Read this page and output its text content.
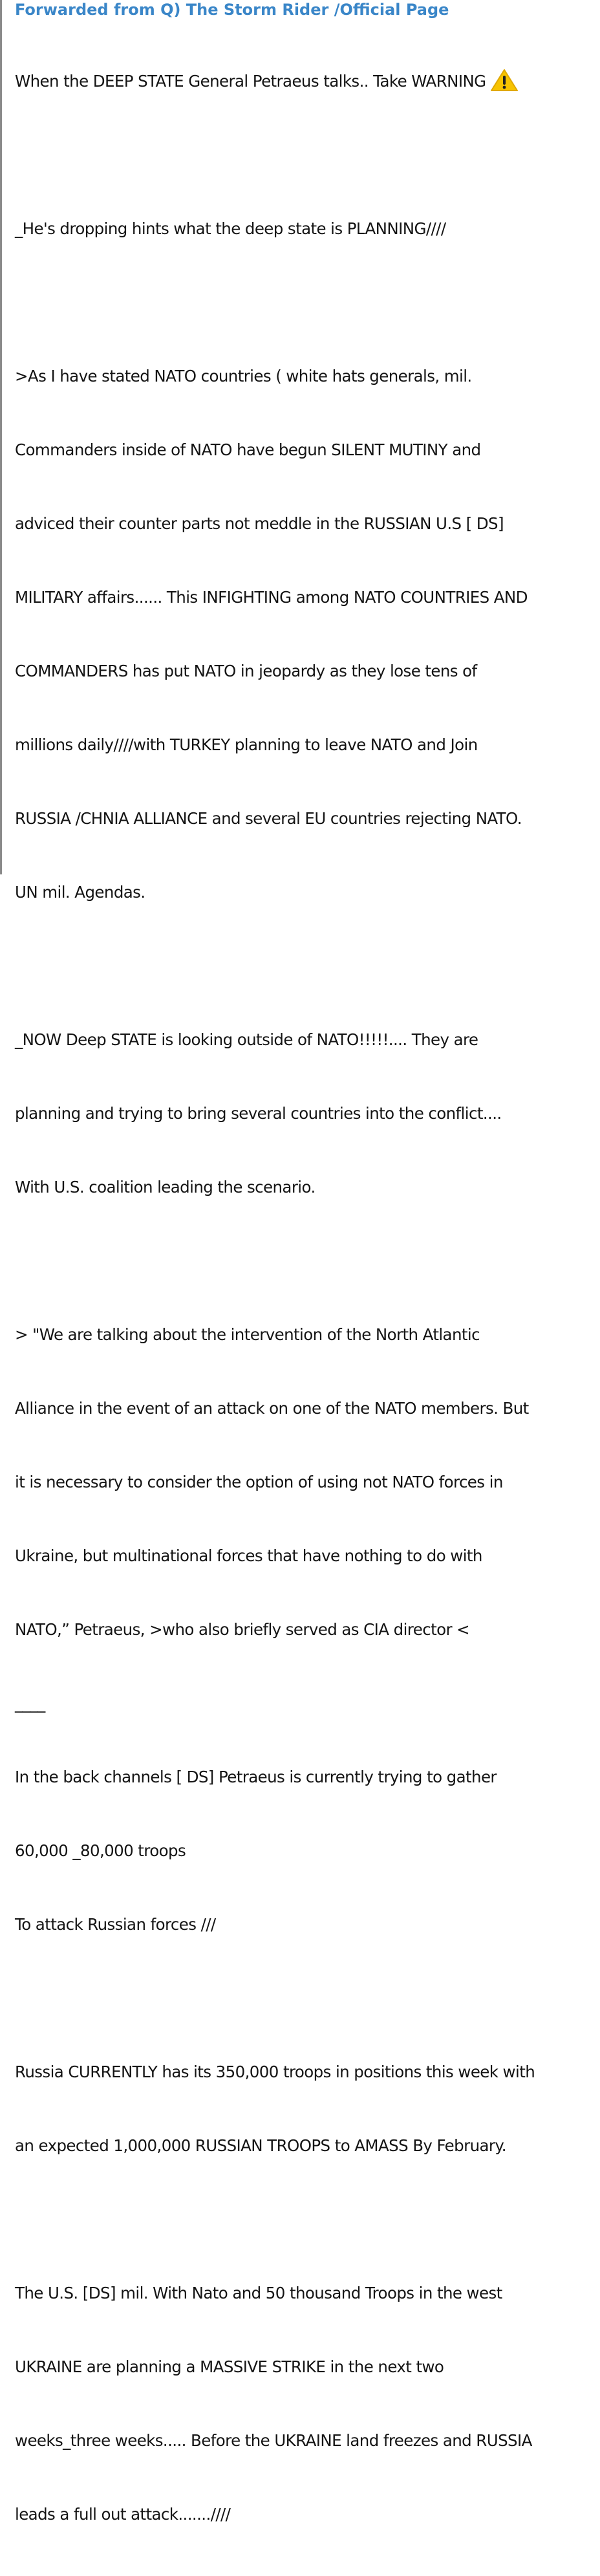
Forwarded from Q) The Storm Rider /Official Page

When the DEEP STATE General Petraeus talks.. Take WARNING

_He's dropping hints what the deep state is PLANNING////

>As I have stated NATO countries ( white hats generals, mil.

Commanders inside of NATO have begun SILENT MUTINY and

adviced their counter parts not meddle in the RUSSIAN U.S [ DS]

MILITARY affairs...... This INFIGHTING among NATO COUNTRIES AND

COMMANDERS has put NATO in jeopardy as they lose tens of

millions daily////with TURKEY planning to leave NATO and Join

RUSSIA /CHNIA ALLIANCE and several EU countries rejecting NATO.

UN mil. Agendas.

_NOW Deep STATE is looking outside of NATO!!!!!.... They are

planning and trying to bring several countries into the conflict....

With U.S. coalition leading the scenario.

> "We are talking about the intervention of the North Atlantic

Alliance in the event of an attack on one of the NATO members. But

it is necessary to consider the option of using not NATO forces in

Ukraine, but multinational forces that have nothing to do with

NATO,” Petraeus, >who also briefly served as CIA director <

____

In the back channels [ DS] Petraeus is currently trying to gather

60,000 _80,000 troops

To attack Russian forces ///

Russia CURRENTLY has its 350,000 troops in positions this week with

an expected 1,000,000 RUSSIAN TROOPS to AMASS By February.

The U.S. [DS] mil. With Nato and 50 thousand Troops in the west

UKRAINE are planning a MASSIVE STRIKE in the next two

weeks_three weeks..... Before the UKRAINE land freezes and RUSSIA

leads a full out attack.......////
